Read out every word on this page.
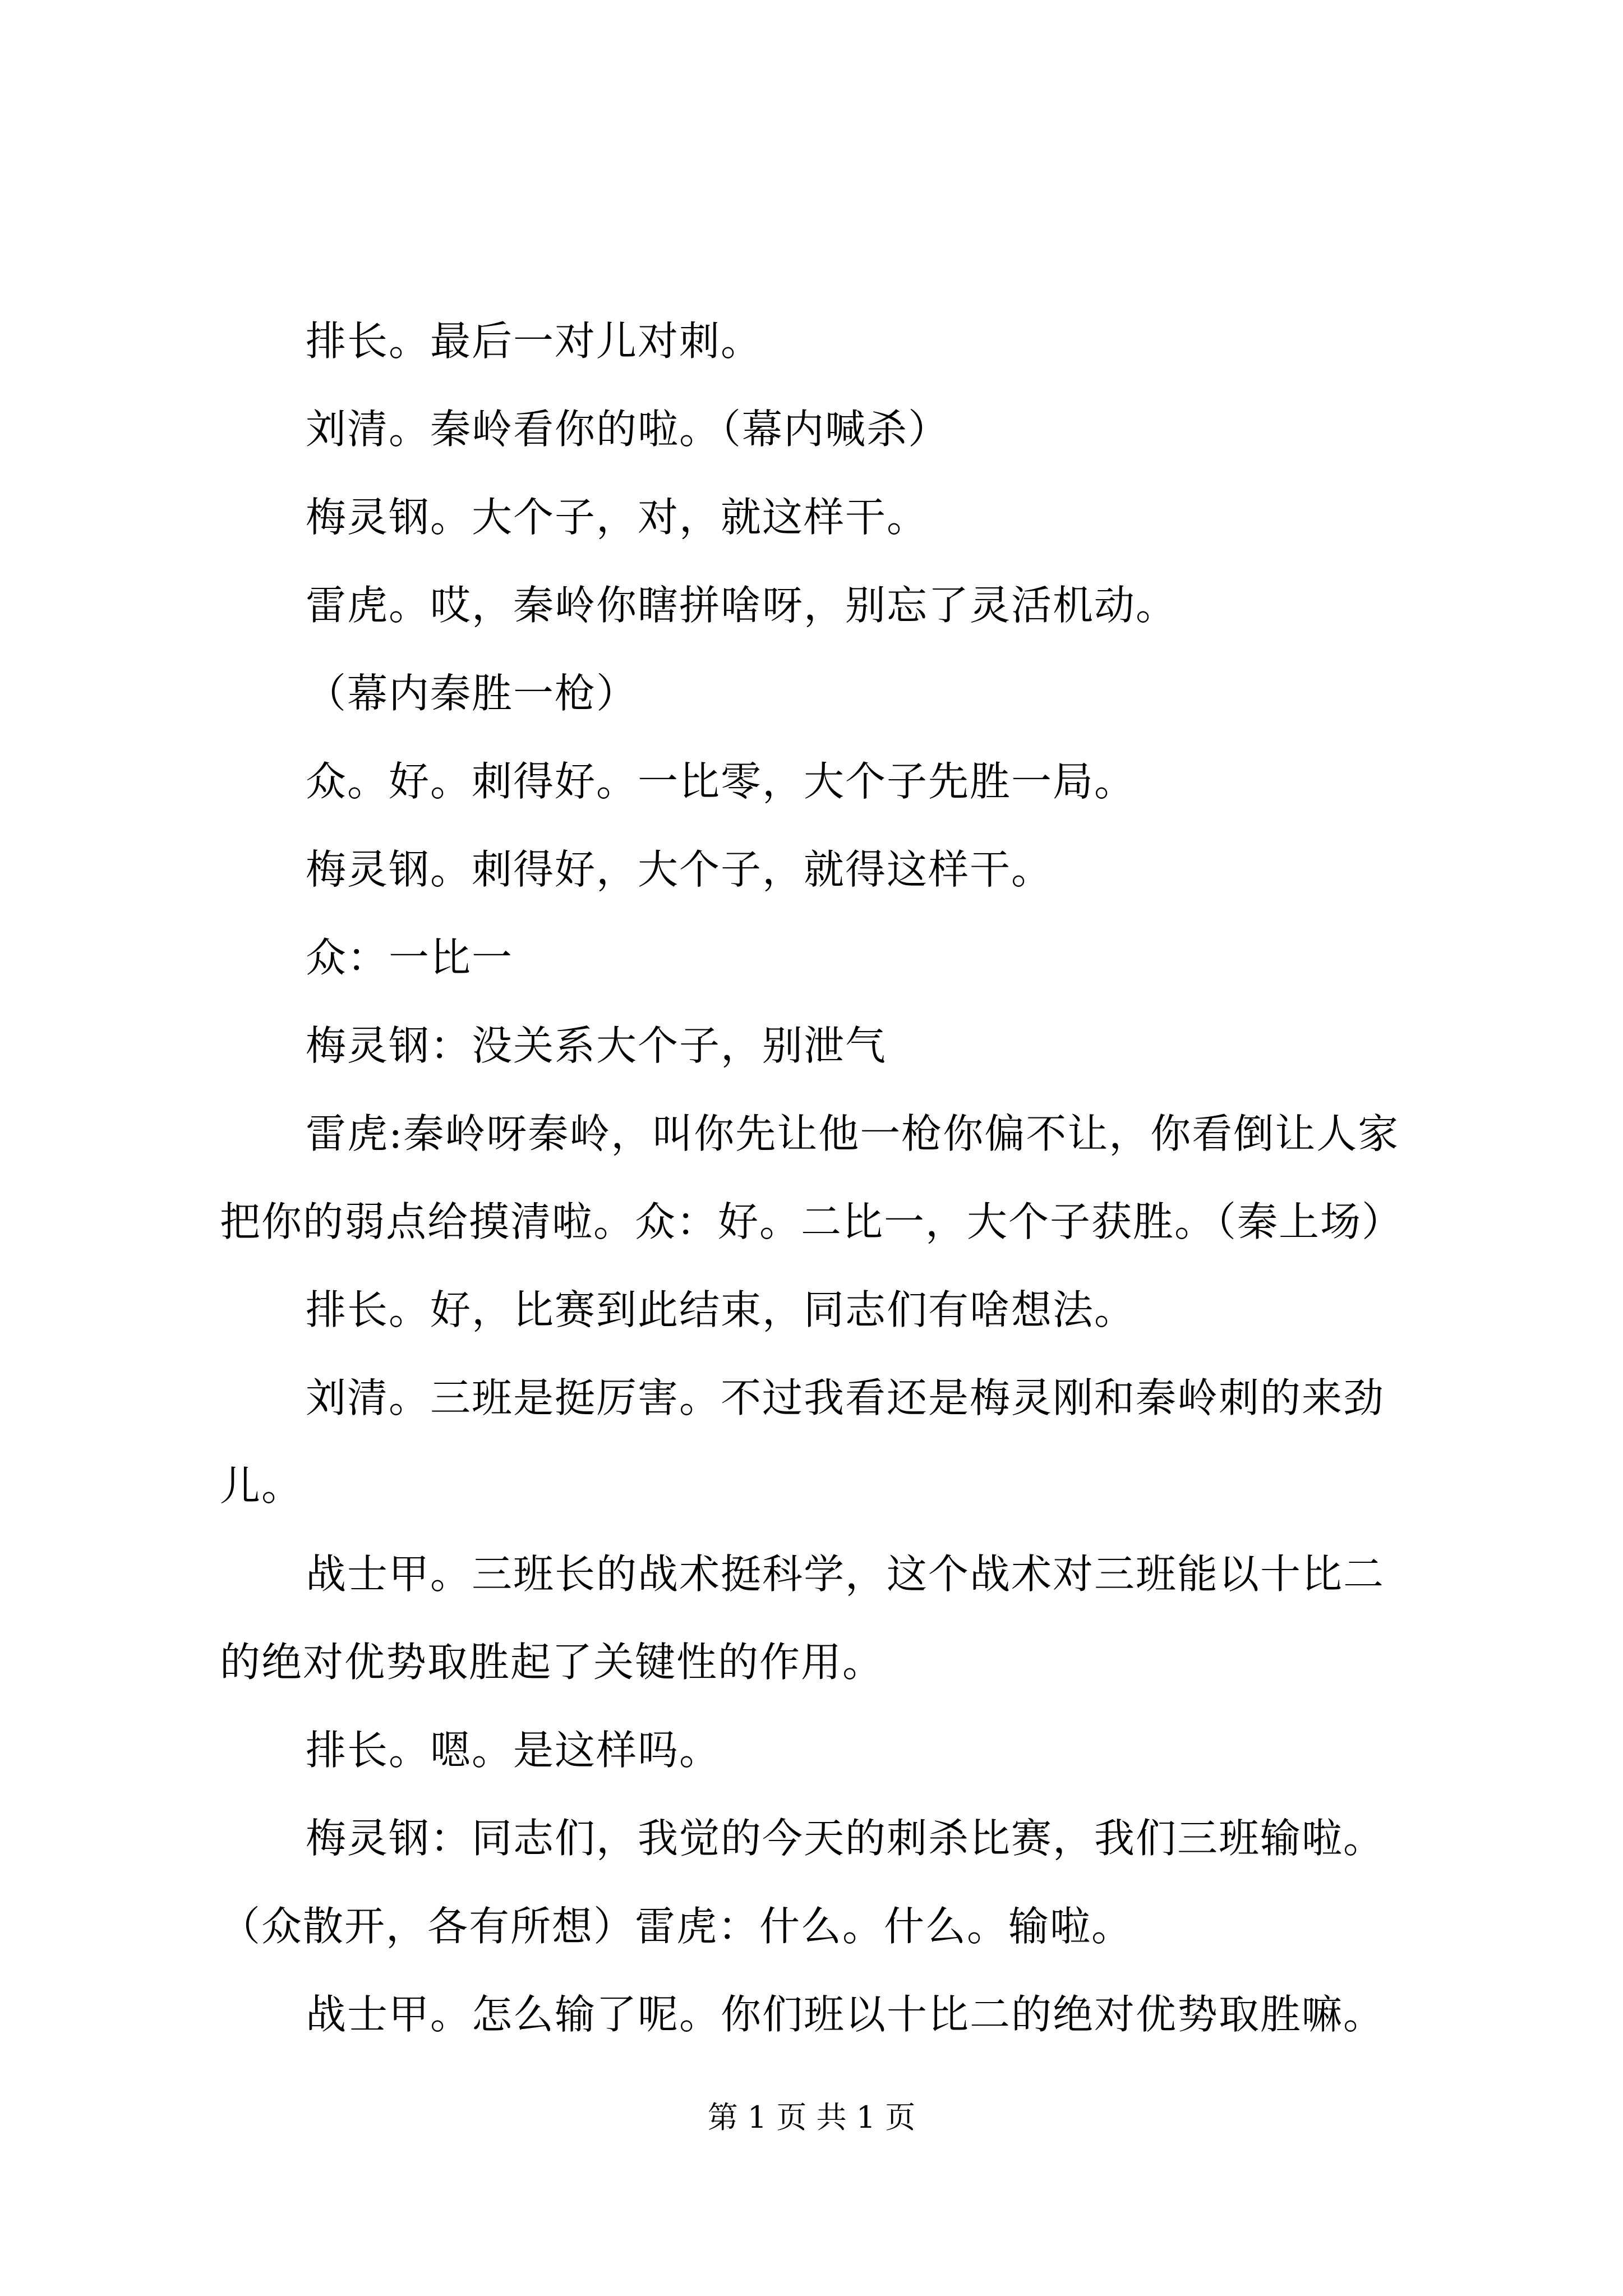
排长。最后一对儿对刺。

刘清。秦岭看你的啦。（幕内喊杀）

梅灵钢。大个子，对，就这样干。

雷虎。哎，秦岭你瞎拼啥呀，别忘了灵活机动。

（幕内秦胜一枪）

众。好。刺得好。一比零，大个子先胜一局。

梅灵钢。刺得好，大个子，就得这样干。

众：一比一

梅灵钢：没关系大个子，别泄气

雷虎:秦岭呀秦岭，叫你先让他一枪你偏不让，你看倒让人家把你的弱点给摸清啦。众：好。二比一，大个子获胜。（秦上场）

排长。好，比赛到此结束，同志们有啥想法。

刘清。三班是挺厉害。不过我看还是梅灵刚和秦岭刺的来劲儿。

战士甲。三班长的战术挺科学，这个战术对三班能以十比二的绝对优势取胜起了关键性的作用。

排长。嗯。是这样吗。

梅灵钢：同志们，我觉的今天的刺杀比赛，我们三班输啦。（众散开，各有所想）雷虎：什么。什么。输啦。

战士甲。怎么输了呢。你们班以十比二的绝对优势取胜嘛。

第 1 页 共 1 页
